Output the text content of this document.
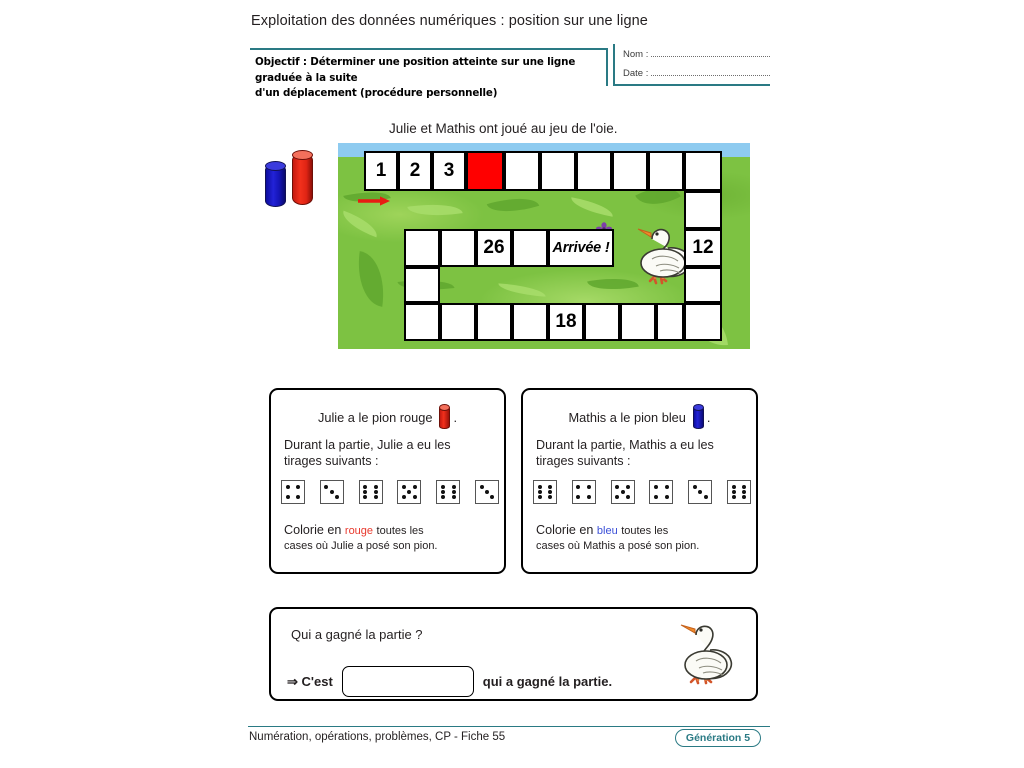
Exploitation des données numériques : position sur une ligne
Objectif : Déterminer une position atteinte sur une ligne graduée à la suite
d'un déplacement (procédure personnelle)
Nom :
Date :
Julie et Mathis ont joué au jeu de l'oie.
1	2	3
12
26	Arrivée !
18
Julie a le pion rouge .
Durant la partie, Julie a eu les
tirages suivants :
Colorie en rouge toutes les
cases où Julie a posé son pion.
Mathis a le pion bleu .
Durant la partie, Mathis a eu les
tirages suivants :
Colorie en bleu toutes les
cases où Mathis a posé son pion.
Qui a gagné la partie ?
⇒ C'est	qui a gagné la partie.
Numération, opérations, problèmes, CP - Fiche 55	Génération 5
